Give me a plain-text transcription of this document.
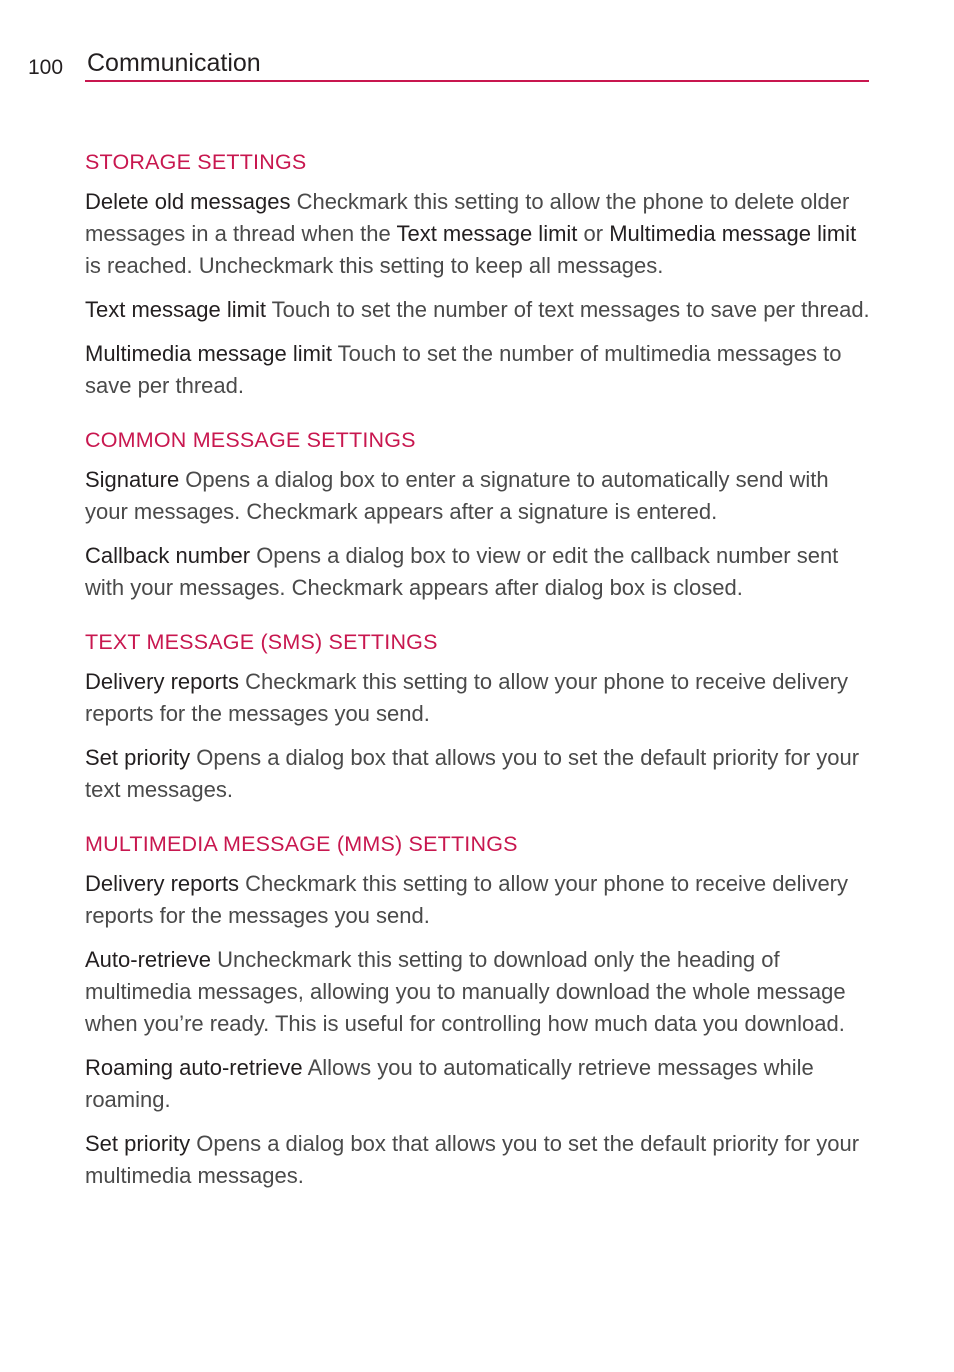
100 Communication
STORAGE SETTINGS

Delete old messages Checkmark this setting to allow the phone to delete older messages in a thread when the Text message limit or Multimedia message limit is reached. Uncheckmark this setting to keep all messages.

Text message limit Touch to set the number of text messages to save per thread.

Multimedia message limit Touch to set the number of multimedia messages to save per thread.

COMMON MESSAGE SETTINGS

Signature Opens a dialog box to enter a signature to automatically send with your messages. Checkmark appears after a signature is entered.

Callback number Opens a dialog box to view or edit the callback number sent with your messages. Checkmark appears after dialog box is closed.

TEXT MESSAGE (SMS) SETTINGS

Delivery reports Checkmark this setting to allow your phone to receive delivery reports for the messages you send.

Set priority Opens a dialog box that allows you to set the default priority for your text messages.

MULTIMEDIA MESSAGE (MMS) SETTINGS

Delivery reports Checkmark this setting to allow your phone to receive delivery reports for the messages you send.

Auto-retrieve Uncheckmark this setting to download only the heading of multimedia messages, allowing you to manually download the whole message when you’re ready. This is useful for controlling how much data you download.

Roaming auto-retrieve Allows you to automatically retrieve messages while roaming.

Set priority Opens a dialog box that allows you to set the default priority for your multimedia messages.
